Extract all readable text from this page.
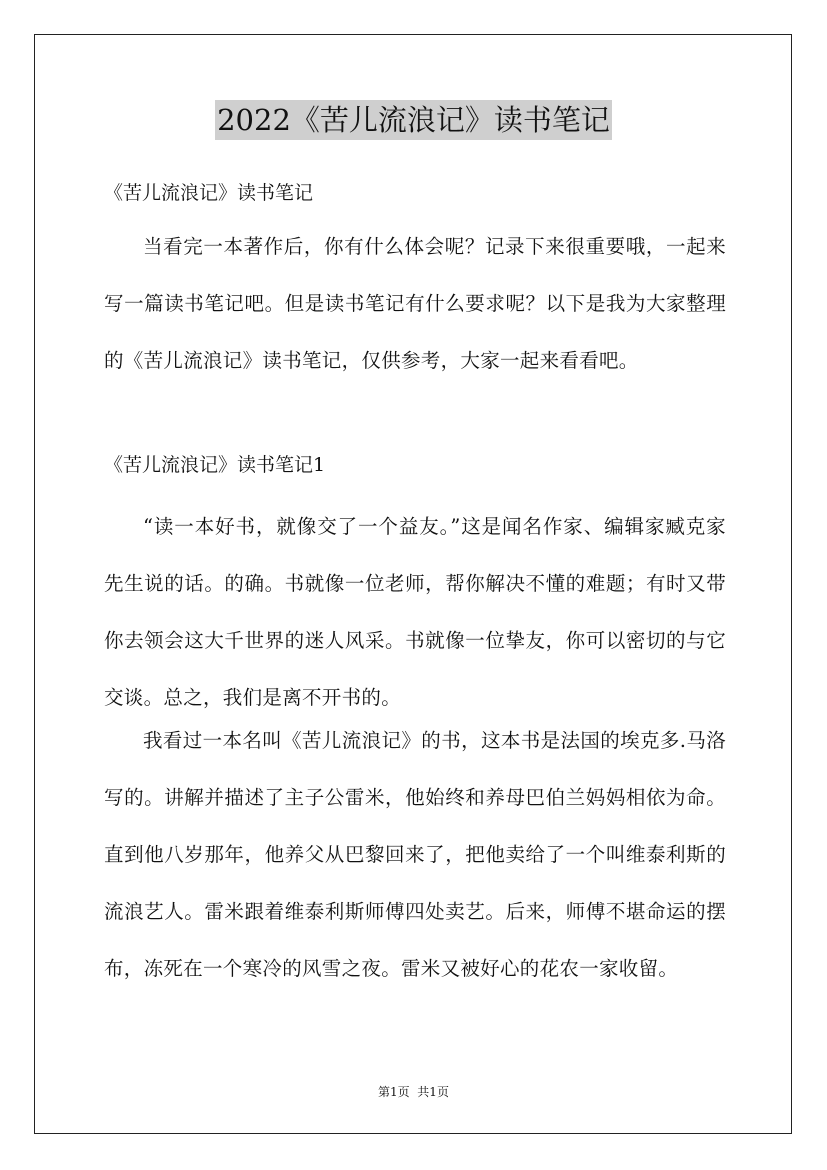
2022《苦儿流浪记》读书笔记
《苦儿流浪记》读书笔记

当看完一本著作后，你有什么体会呢？记录下来很重要哦，一起来写一篇读书笔记吧。但是读书笔记有什么要求呢？以下是我为大家整理的《苦儿流浪记》读书笔记，仅供参考，大家一起来看看吧。

《苦儿流浪记》读书笔记1

“读一本好书，就像交了一个益友。”这是闻名作家、编辑家臧克家先生说的话。的确。书就像一位老师，帮你解决不懂的难题；有时又带你去领会这大千世界的迷人风采。书就像一位挚友，你可以密切的与它交谈。总之，我们是离不开书的。

我看过一本名叫《苦儿流浪记》的书，这本书是法国的埃克多.马洛写的。讲解并描述了主子公雷米，他始终和养母巴伯兰妈妈相依为命。直到他八岁那年，他养父从巴黎回来了，把他卖给了一个叫维泰利斯的流浪艺人。雷米跟着维泰利斯师傅四处卖艺。后来，师傅不堪命运的摆布，冻死在一个寒冷的风雪之夜。雷米又被好心的花农一家收留。

第1页  共1页
